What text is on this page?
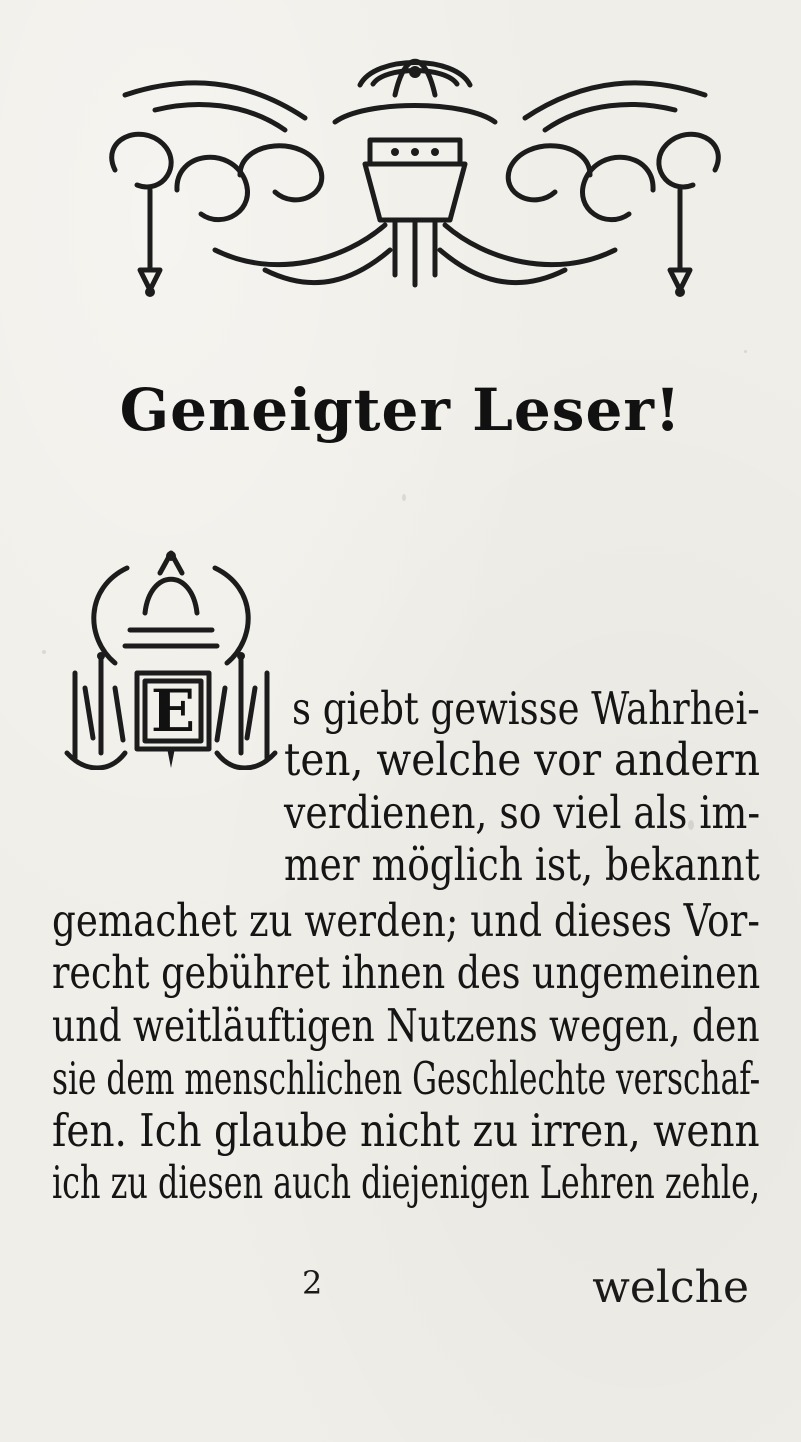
Geneigter Leser!
E s giebt gewisse Wahrhei-
ten, welche vor andern
verdienen, so viel als im-
mer möglich ist, bekannt
gemachet zu werden; und dieses Vor-
recht gebühret ihnen des ungemeinen
und weitläuftigen Nutzens wegen, den
sie dem menschlichen Geschlechte verschaf-
fen. Ich glaube nicht zu irren, wenn
ich zu diesen auch diejenigen Lehren zehle,
2	welche
